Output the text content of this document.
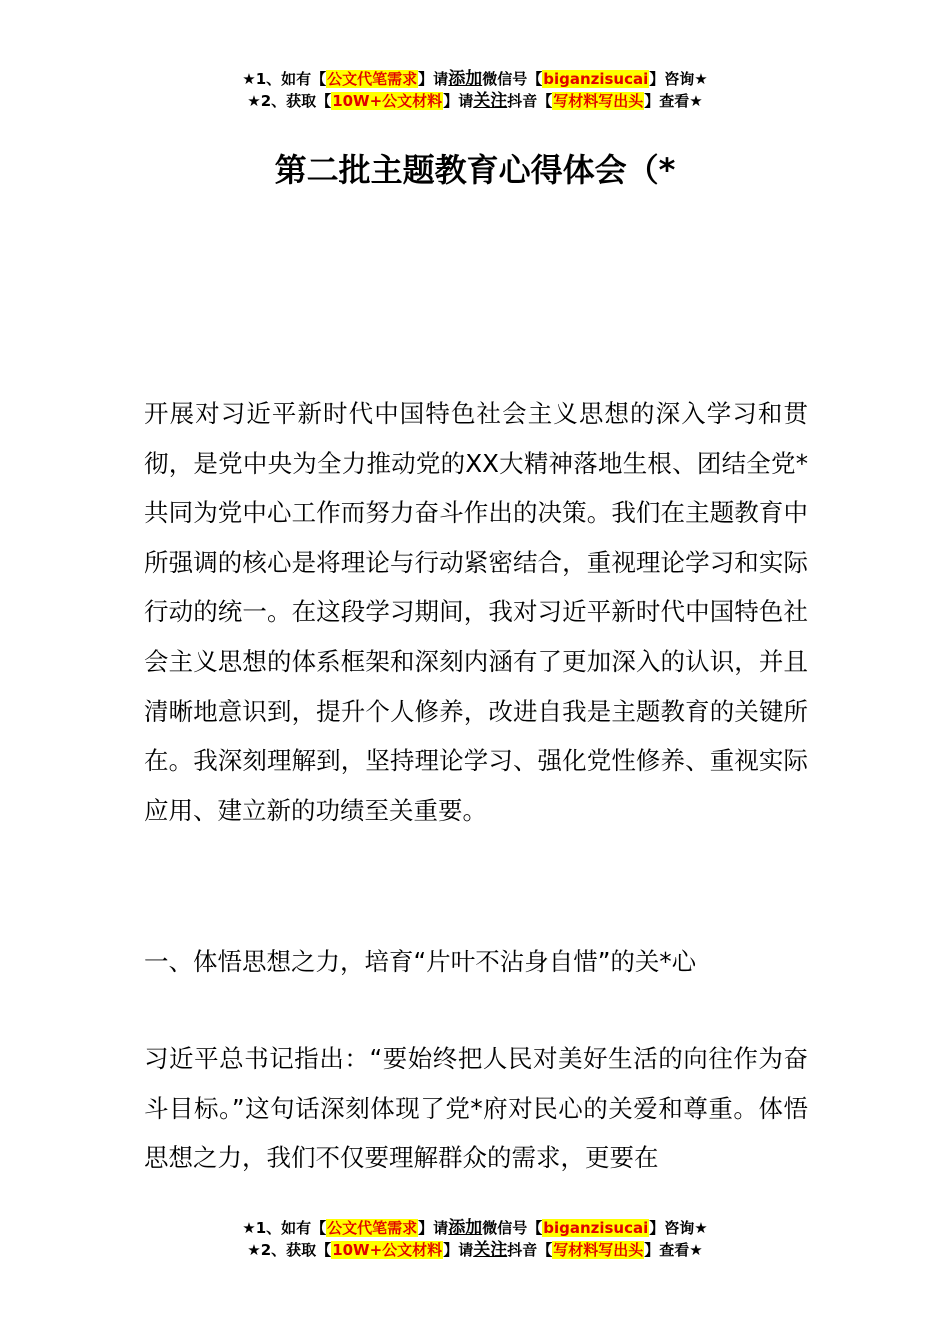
★1、如有【公文代笔需求】请添加微信号【biganzisucai】咨询★
★2、获取【10W+公文材料】请关注抖音【写材料写出头】查看★
第二批主题教育心得体会（*
开展对习近平新时代中国特色社会主义思想的深入学习和贯彻，是党中央为全力推动党的XX大精神落地生根、团结全党*共同为党中心工作而努力奋斗作出的决策。我们在主题教育中所强调的核心是将理论与行动紧密结合，重视理论学习和实际行动的统一。在这段学习期间，我对习近平新时代中国特色社会主义思想的体系框架和深刻内涵有了更加深入的认识，并且清晰地意识到，提升个人修养，改进自我是主题教育的关键所在。我深刻理解到，坚持理论学习、强化党性修养、重视实际应用、建立新的功绩至关重要。
一、体悟思想之力，培育“片叶不沾身自惜”的关*心
习近平总书记指出：“要始终把人民对美好生活的向往作为奋斗目标。”这句话深刻体现了党*府对民心的关爱和尊重。体悟思想之力，我们不仅要理解群众的需求，更要在
★1、如有【公文代笔需求】请添加微信号【biganzisucai】咨询★
★2、获取【10W+公文材料】请关注抖音【写材料写出头】查看★
